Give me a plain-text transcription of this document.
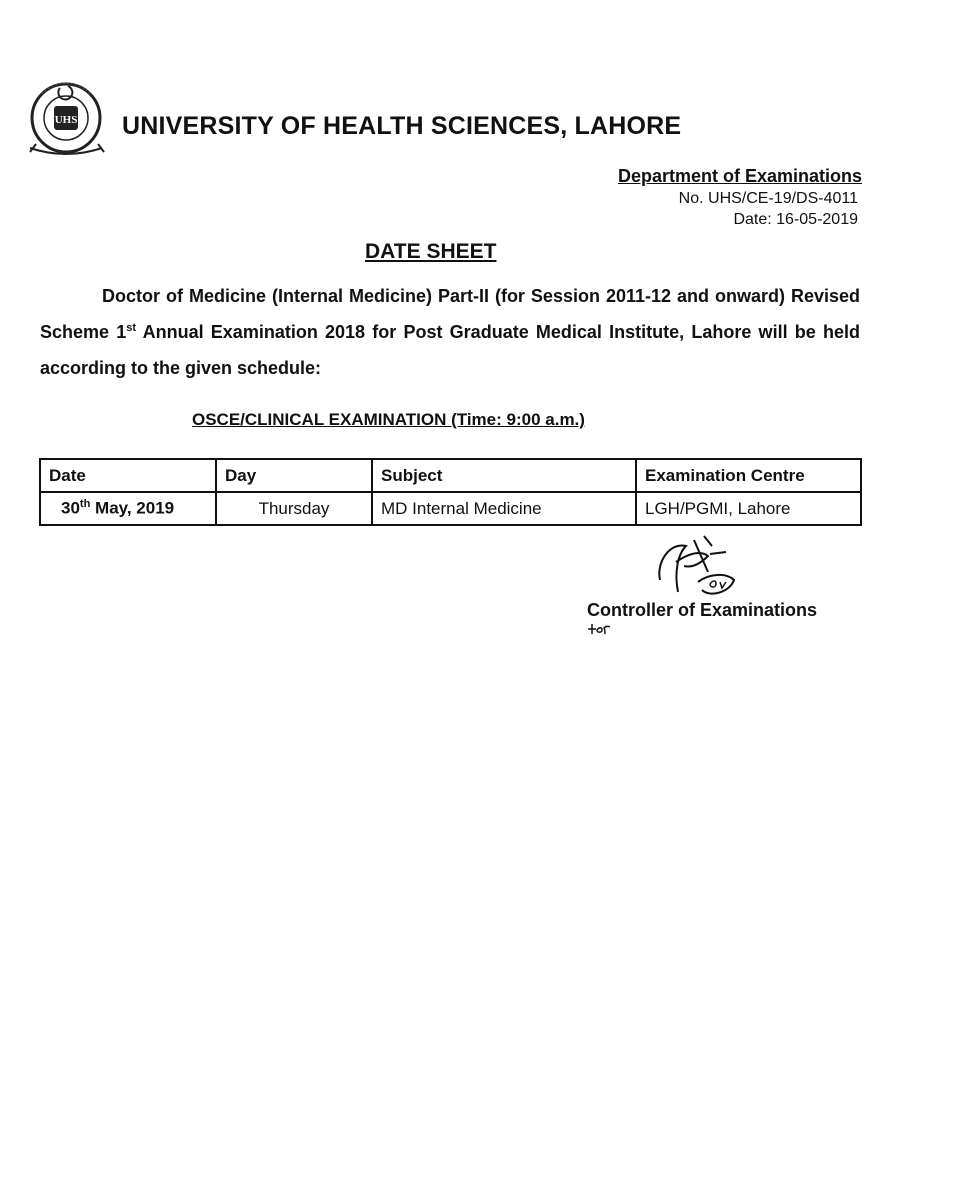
UHS UNIVERSITY OF HEALTH SCIENCES, LAHORE
Department of Examinations
No. UHS/CE-19/DS-4011
Date: 16-05-2019
DATE SHEET

Doctor of Medicine (Internal Medicine) Part-II (for Session 2011-12 and onward) Revised Scheme 1st Annual Examination 2018 for Post Graduate Medical Institute, Lahore will be held according to the given schedule:

OSCE/CLINICAL EXAMINATION (Time: 9:00 a.m.)
Date	Day	Subject	Examination Centre
30th May, 2019	Thursday	MD Internal Medicine	LGH/PGMI, Lahore
Controller of Examinations
